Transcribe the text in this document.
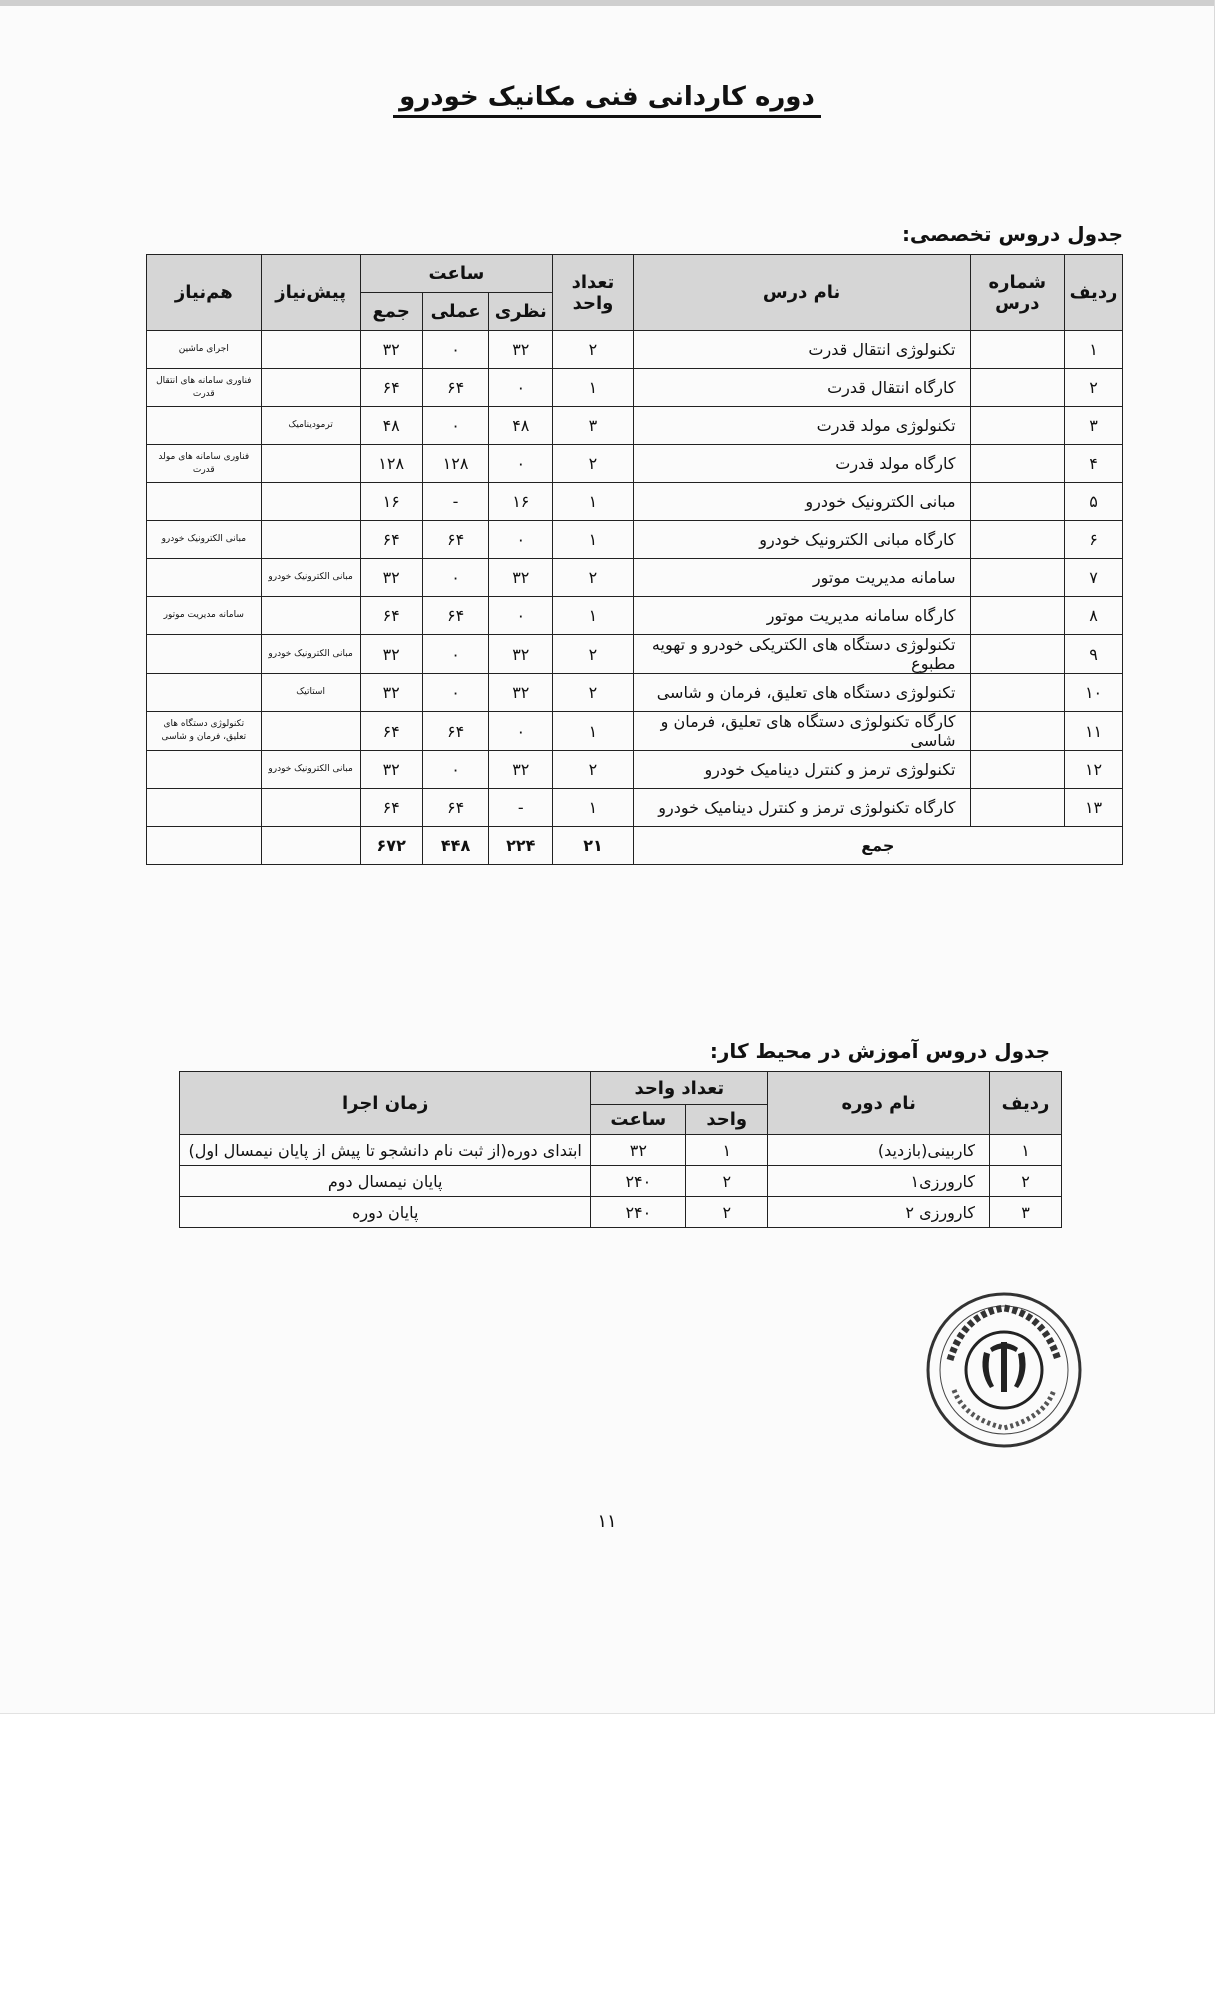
دوره کاردانی فنی مکانیک خودرو
جدول دروس تخصصی:
ردیف	شماره درس	نام درس	تعداد واحد	ساعت			پیش‌نیاز	هم‌نیاز
				نظری	عملی	جمع		
۱		تکنولوژی انتقال قدرت	۲	۳۲	۰	۳۲		اجرای ماشین
۲		کارگاه انتقال قدرت	۱	۰	۶۴	۶۴		فناوری سامانه های انتقال قدرت
۳		تکنولوژی مولد قدرت	۳	۴۸	۰	۴۸	ترمودینامیک	
۴		کارگاه مولد قدرت	۲	۰	۱۲۸	۱۲۸		فناوری سامانه های مولد قدرت
۵		مبانی الکترونیک خودرو	۱	۱۶	-	۱۶		
۶		کارگاه مبانی الکترونیک خودرو	۱	۰	۶۴	۶۴		مبانی الکترونیک خودرو
۷		سامانه مدیریت موتور	۲	۳۲	۰	۳۲	مبانی الکترونیک خودرو	
۸		کارگاه سامانه مدیریت موتور	۱	۰	۶۴	۶۴		سامانه مدیریت موتور
۹		تکنولوژی دستگاه های الکتریکی خودرو و تهویه مطبوع	۲	۳۲	۰	۳۲	مبانی الکترونیک خودرو	
۱۰		تکنولوژی دستگاه های تعلیق، فرمان و شاسی	۲	۳۲	۰	۳۲	استاتیک	
۱۱		کارگاه تکنولوژی دستگاه های تعلیق، فرمان و شاسی	۱	۰	۶۴	۶۴		تکنولوژی دستگاه های تعلیق، فرمان و شاسی
۱۲		تکنولوژی ترمز و کنترل دینامیک خودرو	۲	۳۲	۰	۳۲	مبانی الکترونیک خودرو	
۱۳		کارگاه تکنولوژی ترمز و کنترل دینامیک خودرو	۱	-	۶۴	۶۴		
جمع			۲۱	۲۲۴	۴۴۸	۶۷۲		
جدول دروس آموزش در محیط کار:
ردیف	نام دوره	تعداد واحد		زمان اجرا
		واحد	ساعت	
۱	کاربینی(بازدید)	۱	۳۲	ابتدای دوره(از ثبت نام دانشجو تا پیش از پایان نیمسال اول)
۲	کارورزی۱	۲	۲۴۰	پایان نیمسال دوم
۳	کارورزی ۲	۲	۲۴۰	پایان دوره
۱۱
